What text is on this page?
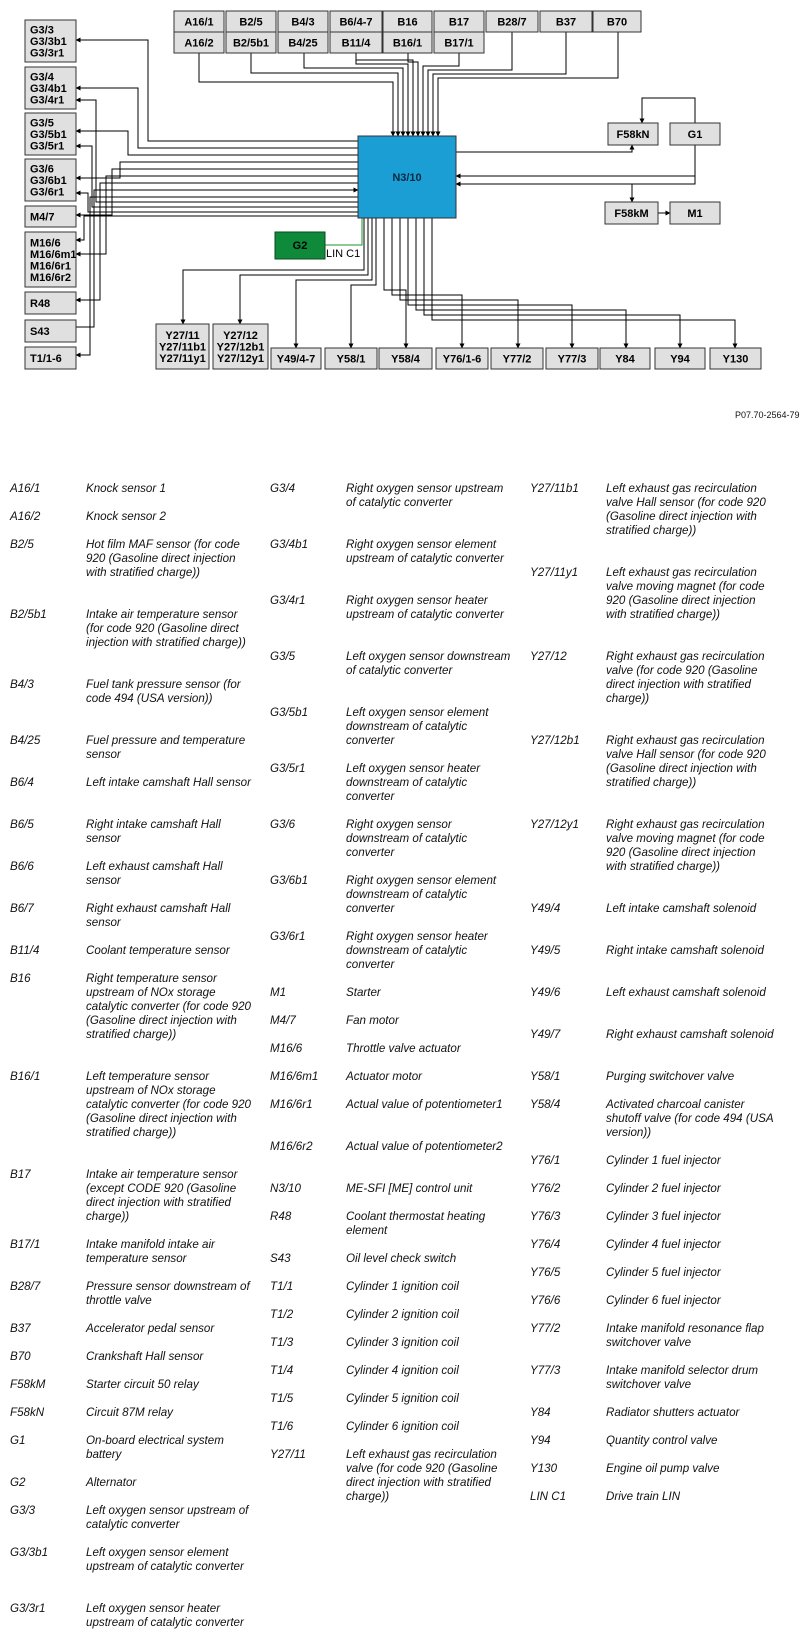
N3/10
G2
LIN C1
A16/1
A16/2
B2/5
B2/5b1
B4/3
B4/25
B6/4-7
B11/4
B16
B16/1
B17
B17/1
B28/7	B37	B70
G3/3
G3/3b1
G3/3r1
G3/4
G3/4b1
G3/4r1
G3/5
G3/5b1
G3/5r1
G3/6
G3/6b1
G3/6r1
M4/7
M16/6
M16/6m1
M16/6r1
M16/6r2
R48
S43
T1/1-6
F58kN	G1
F58kM	M1
Y27/11
Y27/11b1
Y27/11y1
Y27/12
Y27/12b1
Y27/12y1 Y49/4-7 Y58/1 Y58/4 Y76/1-6 Y77/2 Y77/3	Y84	Y94	Y130
P07.70-2564-79
A16/1	Knock sensor 1
A16/2	Knock sensor 2
B2/5	Hot film MAF sensor (for code 920 (Gasoline direct injection with stratified charge))
B2/5b1	Intake air temperature sensor (for code 920 (Gasoline direct injection with stratified charge))
B4/3	Fuel tank pressure sensor (for code 494 (USA version))
B4/25	Fuel pressure and temperature sensor
B6/4	Left intake camshaft Hall sensor
B6/5	Right intake camshaft Hall sensor
B6/6	Left exhaust camshaft Hall sensor
B6/7	Right exhaust camshaft Hall sensor
B11/4	Coolant temperature sensor
B16	Right temperature sensor upstream of NOx storage catalytic converter (for code 920 (Gasoline direct injection with stratified charge))
B16/1	Left temperature sensor upstream of NOx storage catalytic converter (for code 920 (Gasoline direct injection with stratified charge))
B17	Intake air temperature sensor (except CODE 920 (Gasoline direct injection with stratified charge))
B17/1	Intake manifold intake air temperature sensor
B28/7	Pressure sensor downstream of throttle valve
B37	Accelerator pedal sensor
B70	Crankshaft Hall sensor
F58kM	Starter circuit 50 relay
F58kN	Circuit 87M relay
G1	On-board electrical system battery
G2	Alternator
G3/3	Left oxygen sensor upstream of catalytic converter
G3/3b1	Left oxygen sensor element upstream of catalytic converter
G3/3r1	Left oxygen sensor heater upstream of catalytic converter
G3/4	Right oxygen sensor upstream of catalytic converter
G3/4b1	Right oxygen sensor element upstream of catalytic converter
G3/4r1	Right oxygen sensor heater upstream of catalytic converter
G3/5	Left oxygen sensor downstream of catalytic converter
G3/5b1	Left oxygen sensor element downstream of catalytic converter
G3/5r1	Left oxygen sensor heater downstream of catalytic converter
G3/6	Right oxygen sensor downstream of catalytic converter
G3/6b1	Right oxygen sensor element downstream of catalytic converter
G3/6r1	Right oxygen sensor heater downstream of catalytic converter
M1	Starter
M4/7	Fan motor
M16/6	Throttle valve actuator
M16/6m1	Actuator motor
M16/6r1	Actual value of potentiometer1
M16/6r2	Actual value of potentiometer2
N3/10	ME-SFI [ME] control unit
R48	Coolant thermostat heating element
S43	Oil level check switch
T1/1	Cylinder 1 ignition coil
T1/2	Cylinder 2 ignition coil
T1/3	Cylinder 3 ignition coil
T1/4	Cylinder 4 ignition coil
T1/5	Cylinder 5 ignition coil
T1/6	Cylinder 6 ignition coil
Y27/11	Left exhaust gas recirculation valve (for code 920 (Gasoline direct injection with stratified charge))
Y27/11b1	Left exhaust gas recirculation valve Hall sensor (for code 920 (Gasoline direct injection with stratified charge))
Y27/11y1	Left exhaust gas recirculation valve moving magnet (for code 920 (Gasoline direct injection with stratified charge))
Y27/12	Right exhaust gas recirculation valve (for code 920 (Gasoline direct injection with stratified charge))
Y27/12b1	Right exhaust gas recirculation valve Hall sensor (for code 920 (Gasoline direct injection with stratified charge))
Y27/12y1	Right exhaust gas recirculation valve moving magnet (for code 920 (Gasoline direct injection with stratified charge))
Y49/4	Left intake camshaft solenoid
Y49/5	Right intake camshaft solenoid
Y49/6	Left exhaust camshaft solenoid
Y49/7	Right exhaust camshaft solenoid
Y58/1	Purging switchover valve
Y58/4	Activated charcoal canister shutoff valve (for code 494 (USA version))
Y76/1	Cylinder 1 fuel injector
Y76/2	Cylinder 2 fuel injector
Y76/3	Cylinder 3 fuel injector
Y76/4	Cylinder 4 fuel injector
Y76/5	Cylinder 5 fuel injector
Y76/6	Cylinder 6 fuel injector
Y77/2	Intake manifold resonance flap switchover valve
Y77/3	Intake manifold selector drum switchover valve
Y84	Radiator shutters actuator
Y94	Quantity control valve
Y130	Engine oil pump valve
LIN C1	Drive train LIN
